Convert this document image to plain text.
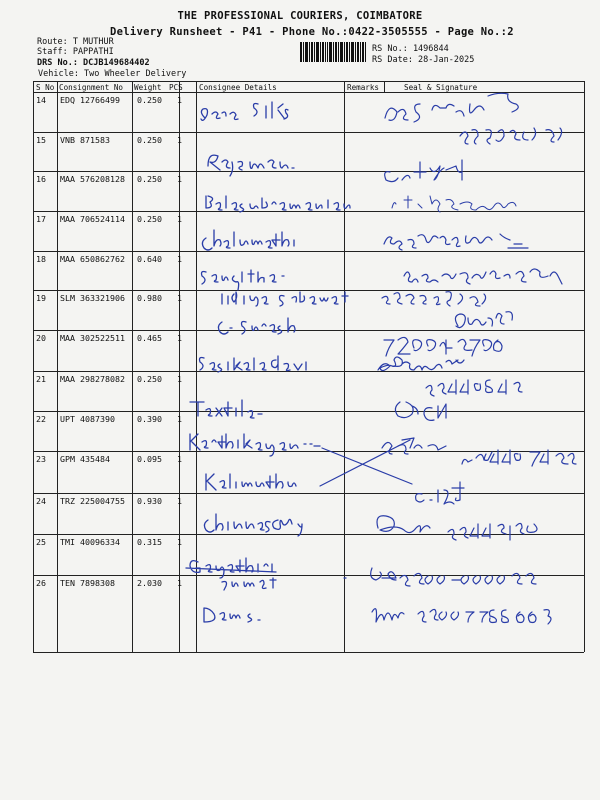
THE PROFESSIONAL COURIERS, COIMBATORE
Delivery Runsheet - P41 - Phone No.:0422-3505555 - Page No.:2
Route: T MUTHUR
Staff: PAPPATHI
DRS No.: DCJB149684402
Vehicle: Two Wheeler Delivery
RS No.: 1496844
RS Date: 28-Jan-2025
S No Consignment No Weight PCS Consignee Details	Remarks	Seal & Signature
14 EDQ 12766499 0.250 1
15 VNB 871583	0.250 1
16 MAA 576208128 0.250 1
17 MAA 706524114 0.250 1
18 MAA 650862762 0.640 1
19 SLM 363321906 0.980 1
20 MAA 302522511 0.465 1
21 MAA 298278082 0.250 1
22 UPT 4087390	0.390 1
23 GPM 435484	0.095 1
24 TRZ 225004755 0.930 1
25 TMI 40096334 0.315 1
26 TEN 7898308	2.030 1
